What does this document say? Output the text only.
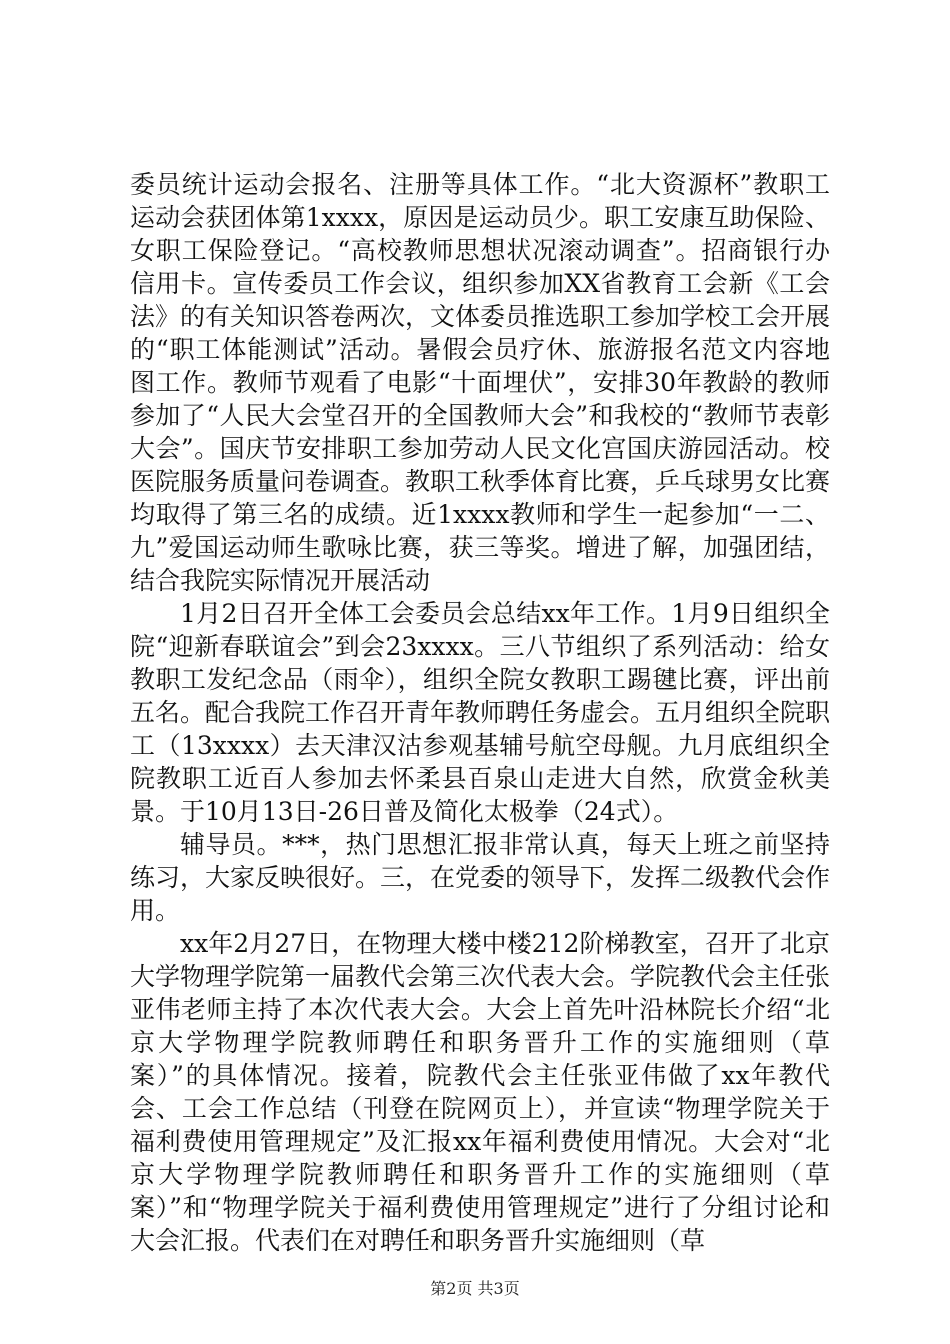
委员统计运动会报名、注册等具体工作。“北大资源杯”教职工运动会获团体第1xxxx，原因是运动员少。职工安康互助保险、女职工保险登记。“高校教师思想状况滚动调查”。招商银行办信用卡。宣传委员工作会议，组织参加XX省教育工会新《工会法》的有关知识答卷两次，文体委员推选职工参加学校工会开展的“职工体能测试”活动。暑假会员疗休、旅游报名范文内容地图工作。教师节观看了电影“十面埋伏”，安排30年教龄的教师参加了“人民大会堂召开的全国教师大会”和我校的“教师节表彰大会”。国庆节安排职工参加劳动人民文化宫国庆游园活动。校医院服务质量问卷调查。教职工秋季体育比赛，乒乓球男女比赛均取得了第三名的成绩。近1xxxx教师和学生一起参加“一二、九”爱国运动师生歌咏比赛，获三等奖。增进了解，加强团结，结合我院实际情况开展活动

1月2日召开全体工会委员会总结xx年工作。1月9日组织全院“迎新春联谊会”到会23xxxx。三八节组织了系列活动：给女教职工发纪念品（雨伞），组织全院女教职工踢毽比赛，评出前五名。配合我院工作召开青年教师聘任务虚会。五月组织全院职工（13xxxx）去天津汉沽参观基辅号航空母舰。九月底组织全院教职工近百人参加去怀柔县百泉山走进大自然，欣赏金秋美景。于10月13日-26日普及简化太极拳（24式）。

辅导员。***，热门思想汇报非常认真，每天上班之前坚持练习，大家反映很好。三，在党委的领导下，发挥二级教代会作用。

xx年2月27日，在物理大楼中楼212阶梯教室，召开了北京大学物理学院第一届教代会第三次代表大会。学院教代会主任张亚伟老师主持了本次代表大会。大会上首先叶沿林院长介绍“北京大学物理学院教师聘任和职务晋升工作的实施细则（草案）”的具体情况。接着，院教代会主任张亚伟做了xx年教代会、工会工作总结（刊登在院网页上），并宣读“物理学院关于福利费使用管理规定”及汇报xx年福利费使用情况。大会对“北京大学物理学院教师聘任和职务晋升工作的实施细则（草案）”和“物理学院关于福利费使用管理规定”进行了分组讨论和大会汇报。代表们在对聘任和职务晋升实施细则（草

第2页 共3页
